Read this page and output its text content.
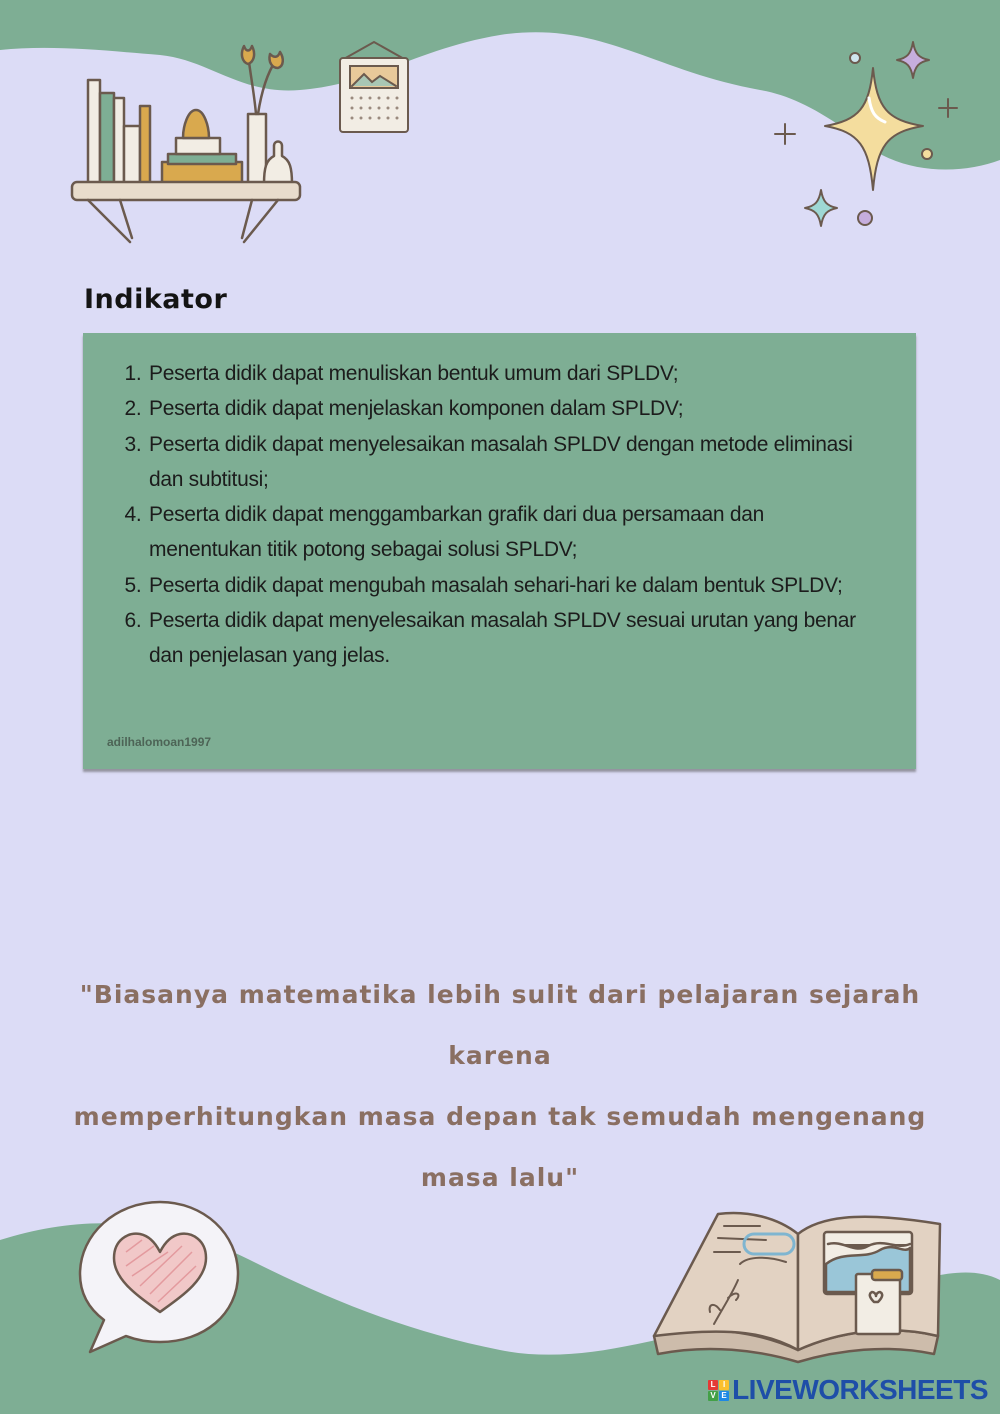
Indikator
1. Peserta didik dapat menuliskan bentuk umum dari SPLDV;
2. Peserta didik dapat menjelaskan komponen dalam SPLDV;
3. Peserta didik dapat menyelesaikan masalah SPLDV dengan metode eliminasi dan subtitusi;
4. Peserta didik dapat menggambarkan grafik dari dua persamaan dan menentukan titik potong sebagai solusi SPLDV;
5. Peserta didik dapat mengubah masalah sehari-hari ke dalam bentuk SPLDV;
6. Peserta didik dapat menyelesaikan masalah SPLDV sesuai urutan yang benar dan penjelasan yang jelas.
adilhalomoan1997

"Biasanya matematika lebih sulit dari pelajaran sejarah karena
memperhitungkan masa depan tak semudah mengenang masa lalu"

L I
V E LIVEWORKSHEETS
